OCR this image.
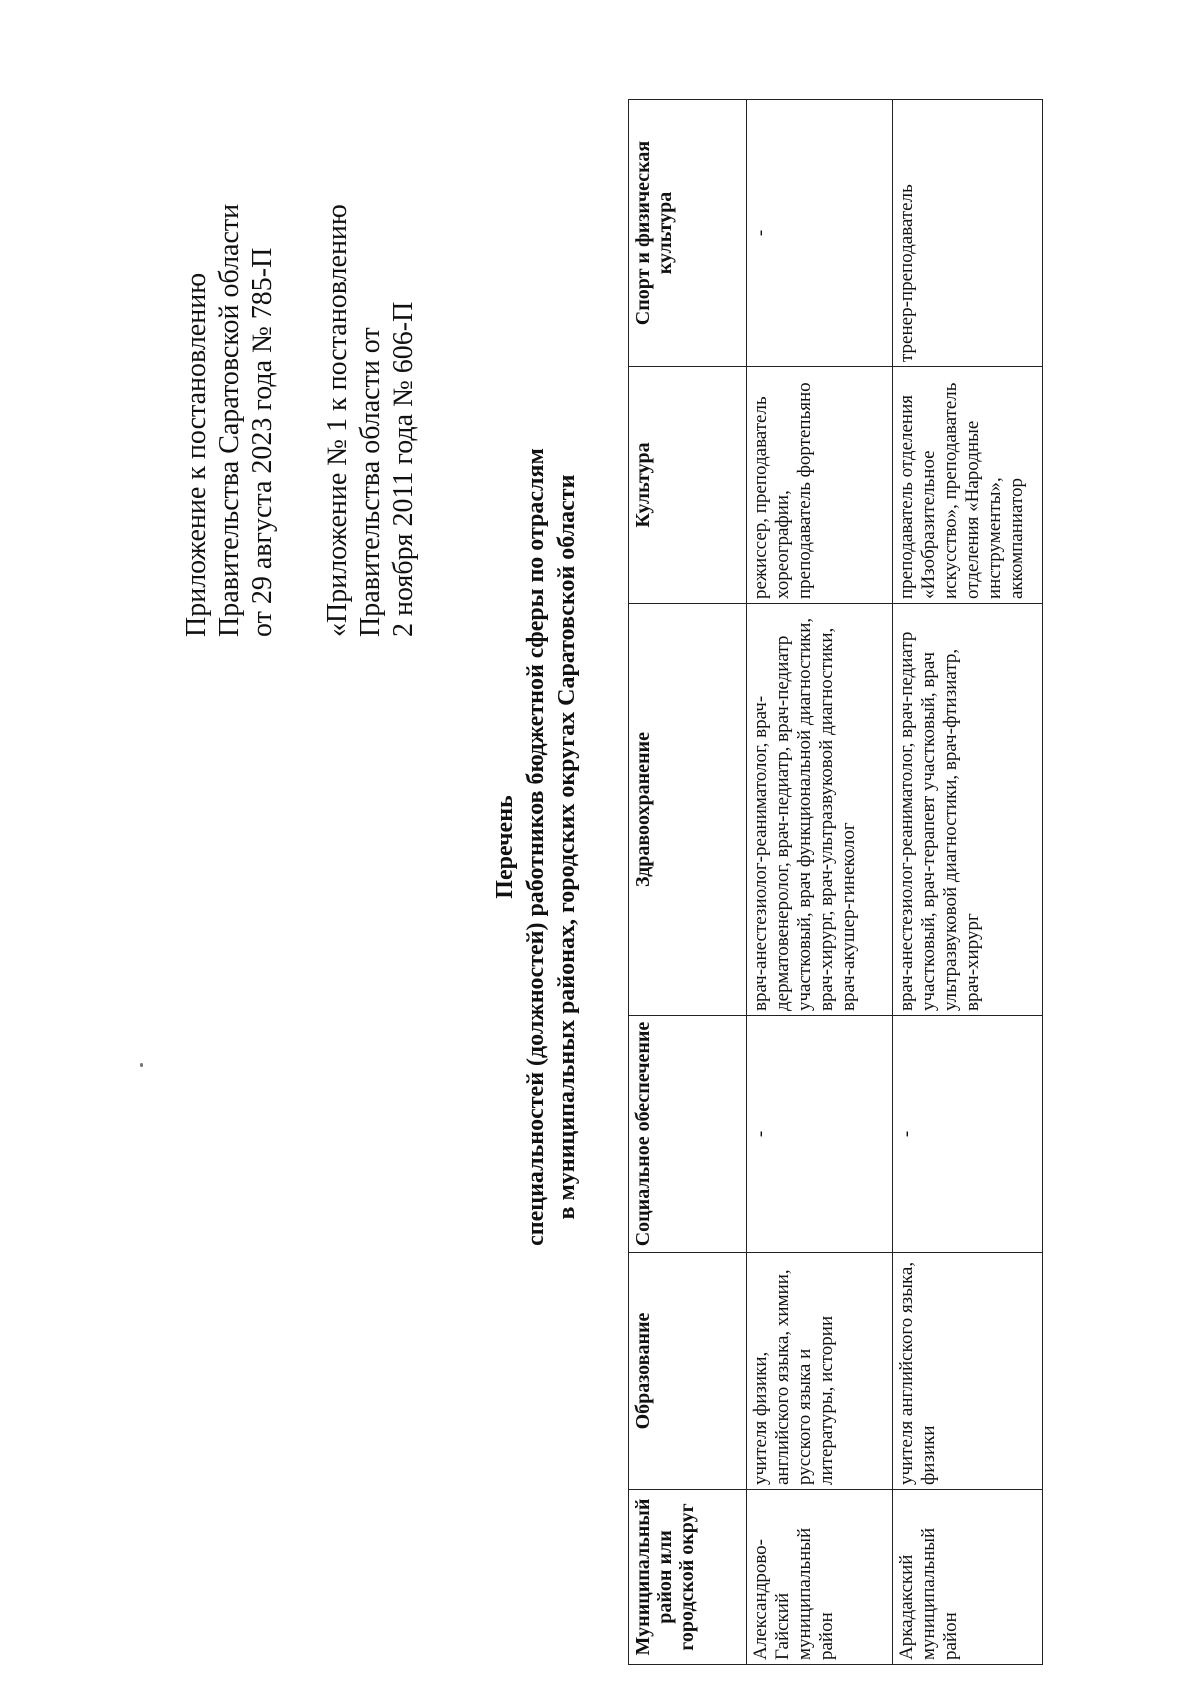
Приложение к постановлению Правительства Саратовской области от 29 августа 2023 года № 785-П «Приложение № 1 к постановлению Правительства области от 2 ноября 2011 года № 606-П
Перечень специальностей (должностей) работников бюджетной сферы по отраслям в муниципальных районах, городских округах Саратовской области
Муниципальный район или городской округ	Образование	Социальное обеспечение	Здравоохранение	Культура	Спорт и физическая культура
Александрово-Гайский муниципальный район	учителя физики, английского языка, химии, русского языка и литературы, истории	-	врач-анестезиолог-реаниматолог, врач-дерматовенеролог, врач-педиатр, врач-педиатр участковый, врач функциональной диагностики, врач-хирург, врач-ультразвуковой диагностики, врач-акушер-гинеколог	режиссер, преподаватель хореографии, преподаватель фортепьяно	-
Аркадакский муниципальный район	учителя английского языка, физики	-	врач-анестезиолог-реаниматолог, врач-педиатр участковый, врач-терапевт участковый, врач ультразвуковой диагностики, врач-фтизиатр, врач-хирург	преподаватель отделения «Изобразительное искусство», преподаватель отделения «Народные инструменты», аккомпаниатор	тренер-преподаватель
